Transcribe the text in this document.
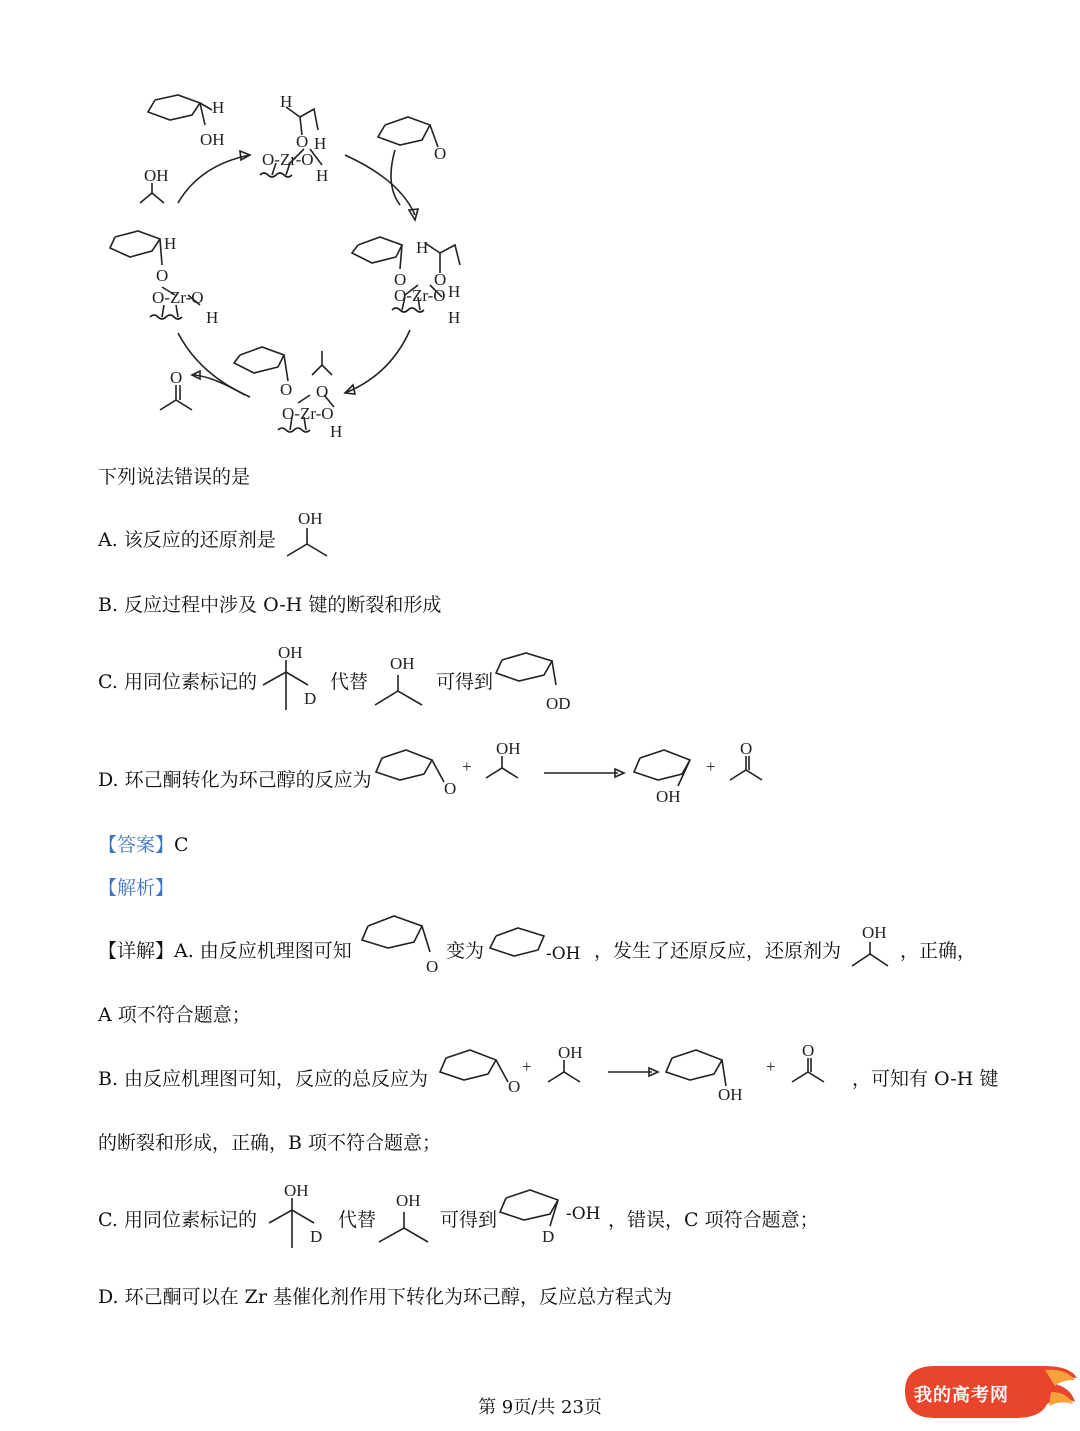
H
OH
OH
H
O
O-Zr-O
H
H
O
H
O O
O-Zr-O H
H
H
O
O-Zr-O
H
O
O O
O-Zr-O
H
下列说法错误的是
A. 该反应的还原剂是
OH
B. 反应过程中涉及 O-H 键的断裂和形成
C. 用同位素标记的
OH
D
代替
OH
可得到
OD
D. 环己酮转化为环己醇的反应为	O
+
OH
OH
+
O
【答案】C
【解析】
【详解】A. 由反应机理图可知
O
变为	-OH ，发生了还原反应，还原剂为
OH
，正确，
A 项不符合题意；
B. 由反应机理图可知，反应的总反应为	O
+
OH
OH
+
O
，可知有 O-H 键
的断裂和形成，正确，B 项不符合题意；
C. 用同位素标记的
OH
D
代替
OH
可得到
D
-OH ，错误，C 项符合题意；
D. 环己酮可以在 Zr 基催化剂作用下转化为环己醇，反应总方程式为
第 9页/共 23页
我的高考网
